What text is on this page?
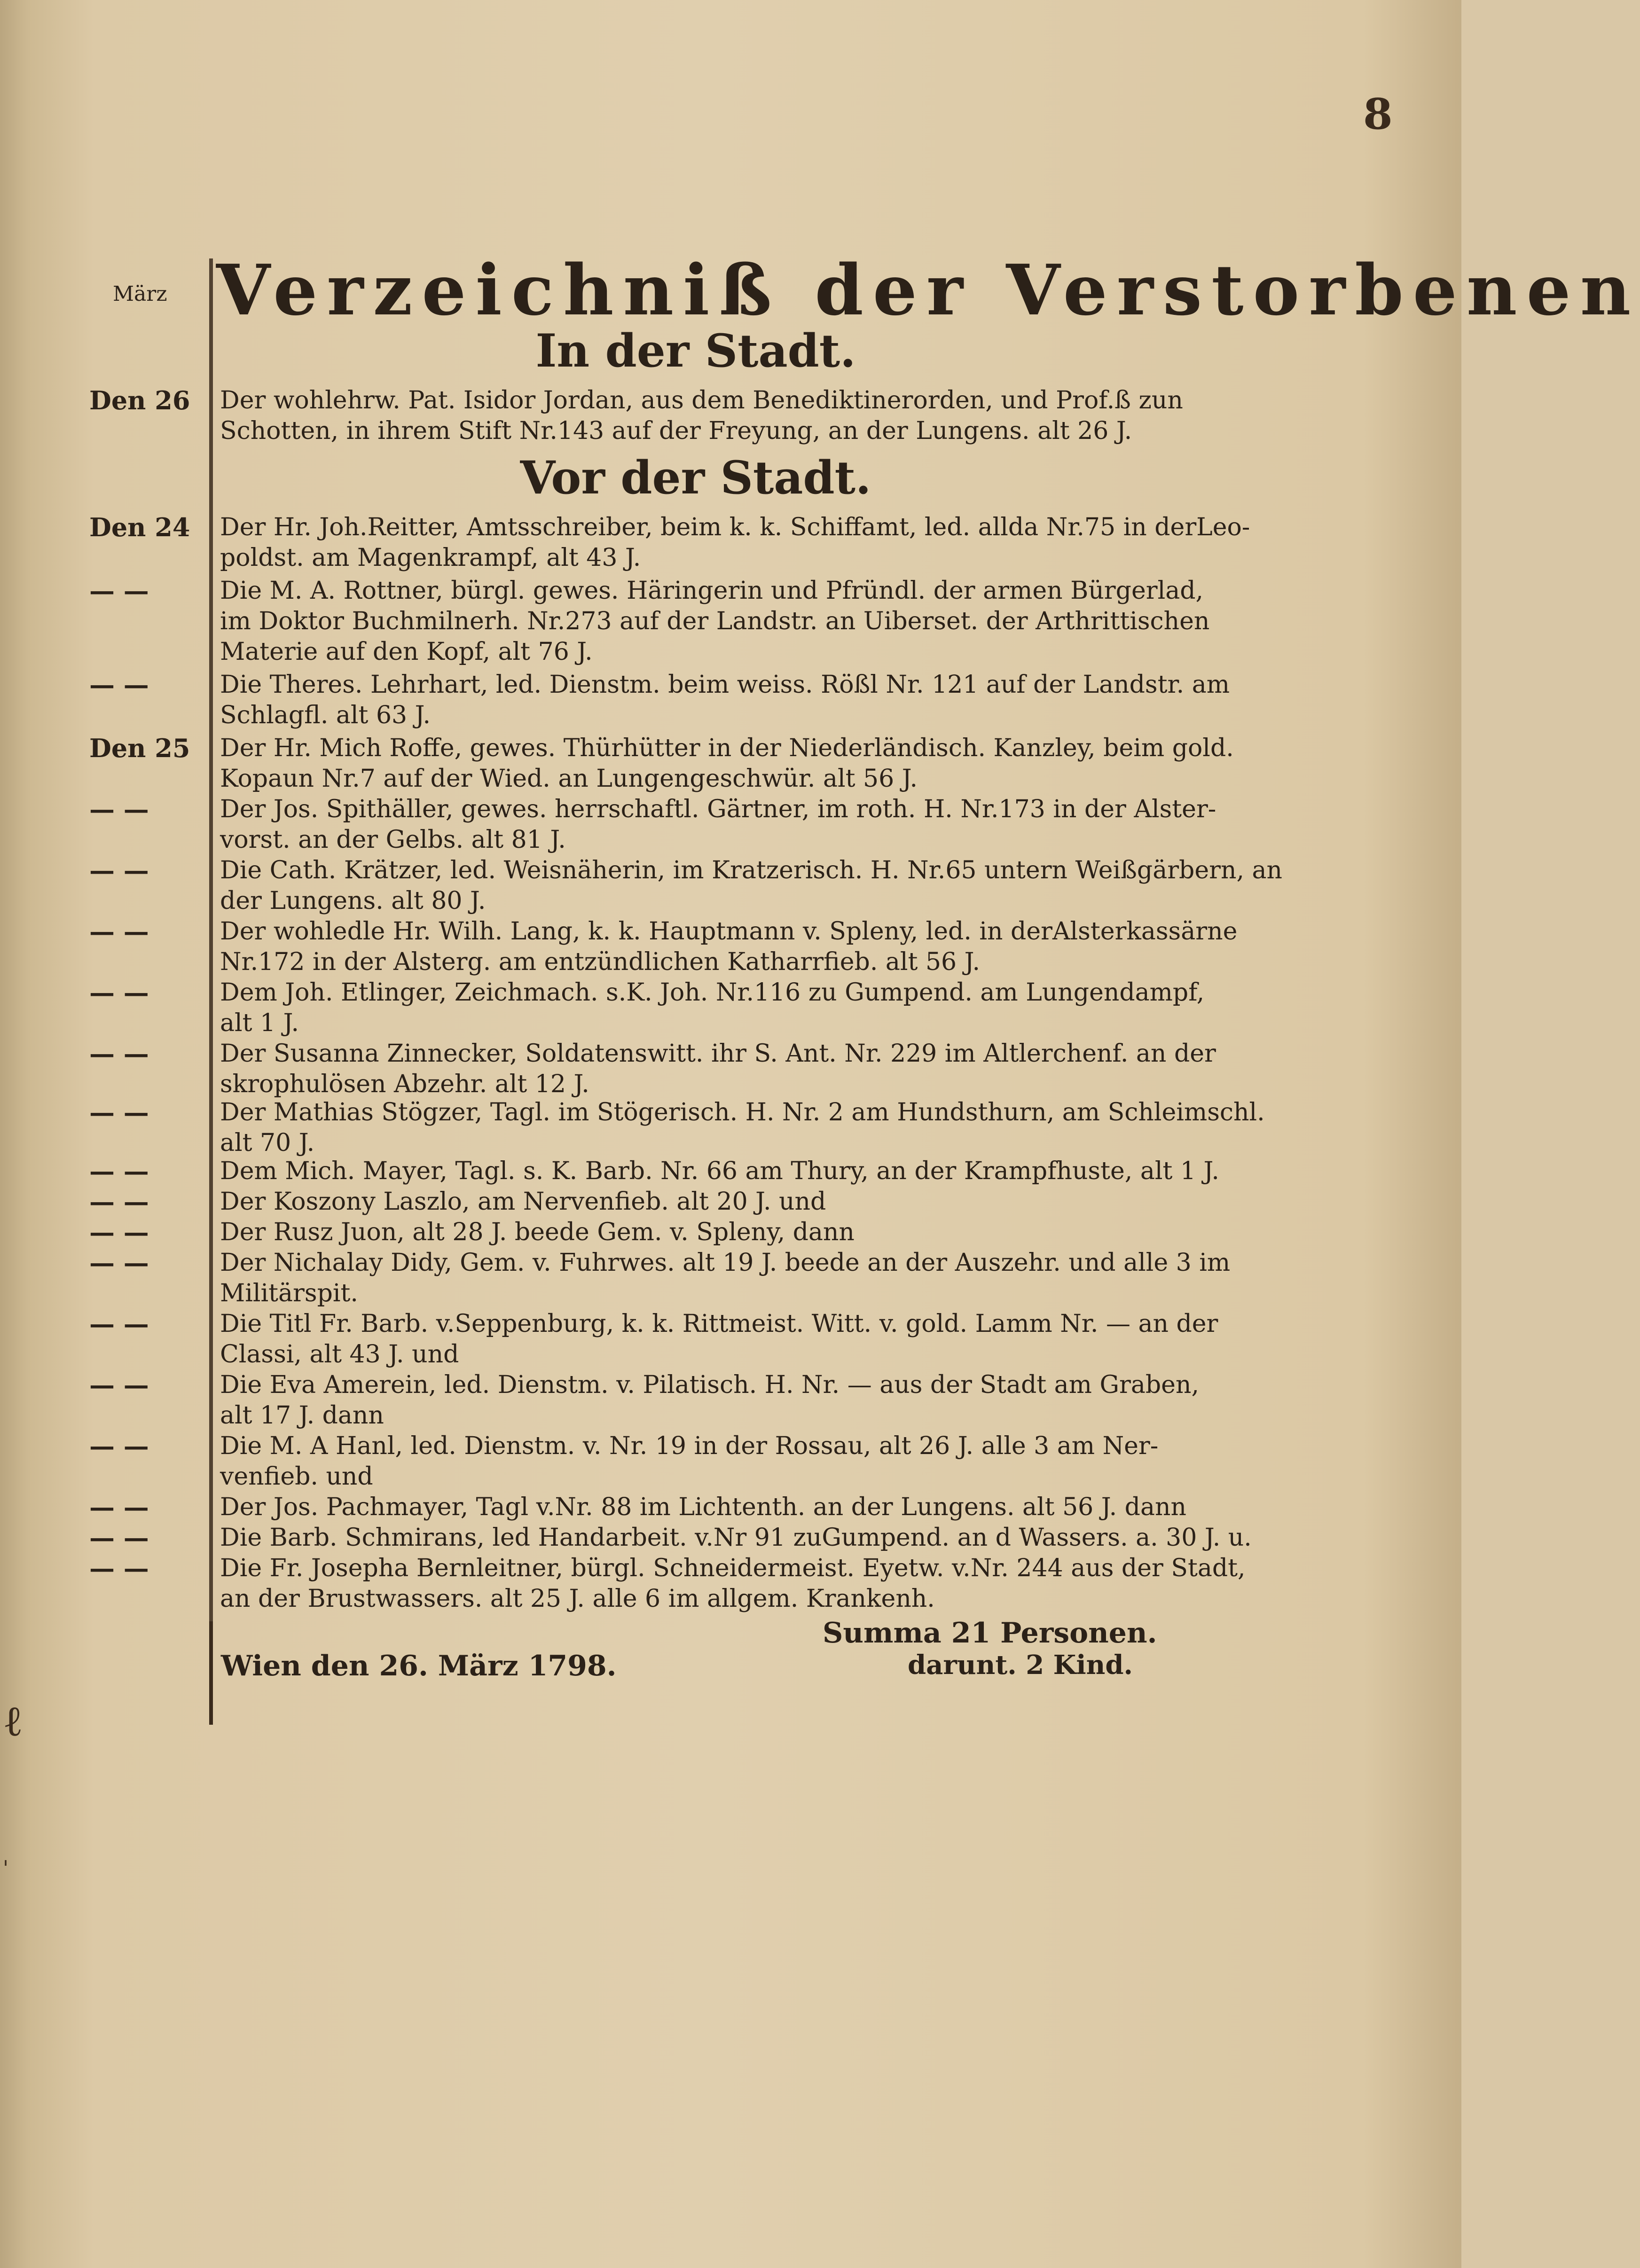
ℓ
'
8
März Verzeichniß der Verstorbenen
In der Stadt.
Vor der Stadt.
Den 26	Der wohlehrw. Pat. Isidor Jordan, aus dem Benediktinerorden, und Prof.ß zun
Schotten, in ihrem Stift Nr.143 auf der Freyung, an der Lungens. alt 26 J.
Den 24	Der Hr. Joh.Reitter, Amtsschreiber, beim k. k. Schiffamt, led. allda Nr.75 in derLeo-
poldst. am Magenkrampf, alt 43 J.
— —	Die M. A. Rottner, bürgl. gewes. Häringerin und Pfründl. der armen Bürgerlad,
im Doktor Buchmilnerh. Nr.273 auf der Landstr. an Uiberset. der Arthrittischen
Materie auf den Kopf, alt 76 J.
— —	Die Theres. Lehrhart, led. Dienstm. beim weiss. Rößl Nr. 121 auf der Landstr. am
Schlagfl. alt 63 J.
Den 25	Der Hr. Mich Roffe, gewes. Thürhütter in der Niederländisch. Kanzley, beim gold.
Kopaun Nr.7 auf der Wied. an Lungengeschwür. alt 56 J.
— —	Der Jos. Spithäller, gewes. herrschaftl. Gärtner, im roth. H. Nr.173 in der Alster-
vorst. an der Gelbs. alt 81 J.
— —	Die Cath. Krätzer, led. Weisnäherin, im Kratzerisch. H. Nr.65 untern Weißgärbern, an
der Lungens. alt 80 J.
— —	Der wohledle Hr. Wilh. Lang, k. k. Hauptmann v. Spleny, led. in derAlsterkassärne
Nr.172 in der Alsterg. am entzündlichen Katharrfieb. alt 56 J.
— —	Dem Joh. Etlinger, Zeichmach. s.K. Joh. Nr.116 zu Gumpend. am Lungendampf,
alt 1 J.
— —	Der Susanna Zinnecker, Soldatenswitt. ihr S. Ant. Nr. 229 im Altlerchenf. an der
skrophulösen Abzehr. alt 12 J.
— —	Der Mathias Stögzer, Tagl. im Stögerisch. H. Nr. 2 am Hundsthurn, am Schleimschl.
alt 70 J.
— —	Dem Mich. Mayer, Tagl. s. K. Barb. Nr. 66 am Thury, an der Krampfhuste, alt 1 J.
— —	Der Koszony Laszlo, am Nervenfieb. alt 20 J. und
— —	Der Rusz Juon, alt 28 J. beede Gem. v. Spleny, dann
— —	Der Nichalay Didy, Gem. v. Fuhrwes. alt 19 J. beede an der Auszehr. und alle 3 im
Militärspit.
— —	Die Titl Fr. Barb. v.Seppenburg, k. k. Rittmeist. Witt. v. gold. Lamm Nr. — an der
Classi, alt 43 J. und
— —	Die Eva Amerein, led. Dienstm. v. Pilatisch. H. Nr. — aus der Stadt am Graben,
alt 17 J. dann
— —	Die M. A Hanl, led. Dienstm. v. Nr. 19 in der Rossau, alt 26 J. alle 3 am Ner-
venfieb. und
— —	Der Jos. Pachmayer, Tagl v.Nr. 88 im Lichtenth. an der Lungens. alt 56 J. dann
— —	Die Barb. Schmirans, led Handarbeit. v.Nr 91 zuGumpend. an d Wassers. a. 30 J. u.
— —	Die Fr. Josepha Bernleitner, bürgl. Schneidermeist. Eyetw. v.Nr. 244 aus der Stadt,
an der Brustwassers. alt 25 J. alle 6 im allgem. Krankenh.
Wien den 26. März 1798.
Summa 21 Personen.
darunt. 2 Kind.
